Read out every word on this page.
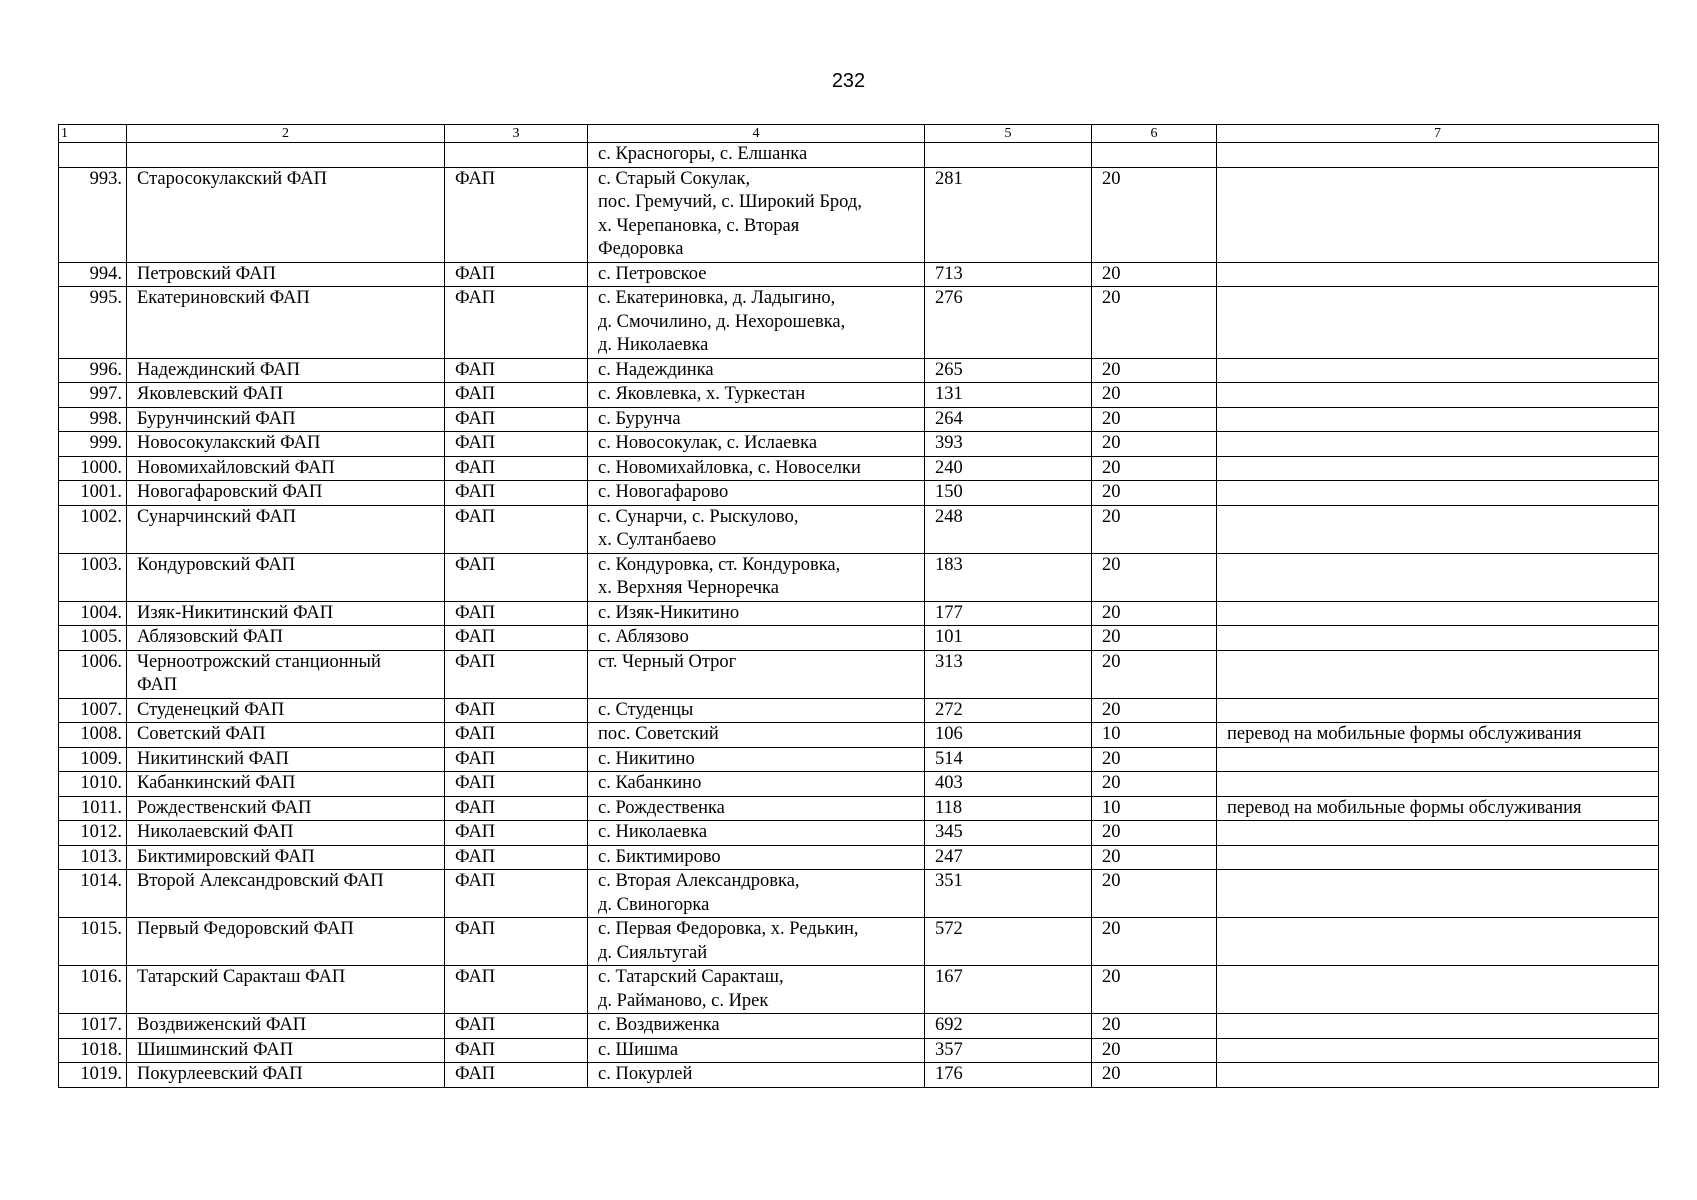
232
1	2	3	4	5	6	7
			с. Красногоры, с. Елшанка			
993.	Старосокулакский ФАП	ФАП	с. Старый Сокулак,
пос. Гремучий, с. Широкий Брод,
х. Черепановка, с. Вторая
Федоровка	281	20	
994.	Петровский ФАП	ФАП	с. Петровское	713	20	
995.	Екатериновский ФАП	ФАП	с. Екатериновка, д. Ладыгино,
д. Смочилино, д. Нехорошевка,
д. Николаевка	276	20	
996.	Надеждинский ФАП	ФАП	с. Надеждинка	265	20	
997.	Яковлевский ФАП	ФАП	с. Яковлевка, х. Туркестан	131	20	
998.	Бурунчинский ФАП	ФАП	с. Бурунча	264	20	
999.	Новосокулакский ФАП	ФАП	с. Новосокулак, с. Ислаевка	393	20	
1000.	Новомихайловский ФАП	ФАП	с. Новомихайловка, с. Новоселки	240	20	
1001.	Новогафаровский ФАП	ФАП	с. Новогафарово	150	20	
1002.	Сунарчинский ФАП	ФАП	с. Сунарчи, с. Рыскулово,
х. Султанбаево	248	20	
1003.	Кондуровский ФАП	ФАП	с. Кондуровка, ст. Кондуровка,
х. Верхняя Черноречка	183	20	
1004.	Изяк-Никитинский ФАП	ФАП	с. Изяк-Никитино	177	20	
1005.	Аблязовский ФАП	ФАП	с. Аблязово	101	20	
1006.	Черноотрожский станционный
ФАП	ФАП	ст. Черный Отрог	313	20	
1007.	Студенецкий ФАП	ФАП	с. Студенцы	272	20	
1008.	Советский ФАП	ФАП	пос. Советский	106	10	перевод на мобильные формы обслуживания
1009.	Никитинский ФАП	ФАП	с. Никитино	514	20	
1010.	Кабанкинский ФАП	ФАП	с. Кабанкино	403	20	
1011.	Рождественский ФАП	ФАП	с. Рождественка	118	10	перевод на мобильные формы обслуживания
1012.	Николаевский ФАП	ФАП	с. Николаевка	345	20	
1013.	Биктимировский ФАП	ФАП	с. Биктимирово	247	20	
1014.	Второй Александровский ФАП	ФАП	с. Вторая Александровка,
д. Свиногорка	351	20	
1015.	Первый Федоровский ФАП	ФАП	с. Первая Федоровка, х. Редькин,
д. Сияльтугай	572	20	
1016.	Татарский Саракташ ФАП	ФАП	с. Татарский Саракташ,
д. Райманово, с. Ирек	167	20	
1017.	Воздвиженский ФАП	ФАП	с. Воздвиженка	692	20	
1018.	Шишминский ФАП	ФАП	с. Шишма	357	20	
1019.	Покурлеевский ФАП	ФАП	с. Покурлей	176	20	
